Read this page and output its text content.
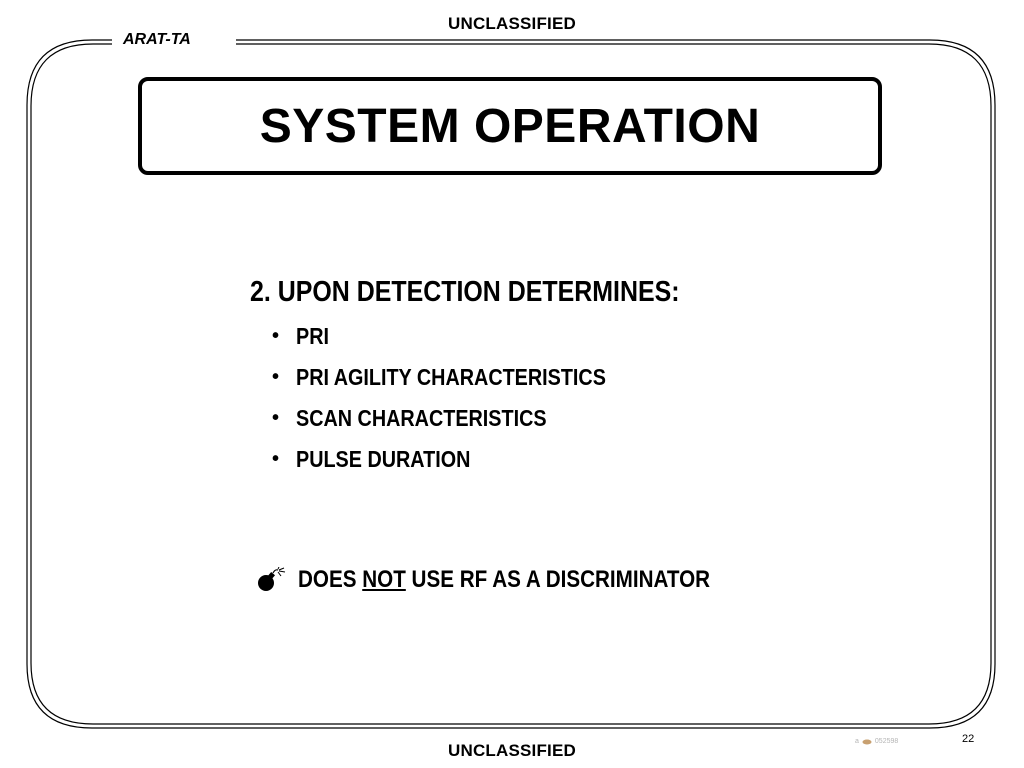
UNCLASSIFIED
ARAT-TA
SYSTEM OPERATION
2. UPON DETECTION DETERMINES:
• PRI
• PRI AGILITY CHARACTERISTICS
• SCAN CHARACTERISTICS
• PULSE DURATION
DOES NOT USE RF AS A DISCRIMINATOR
UNCLASSIFIED	a 052598	22
